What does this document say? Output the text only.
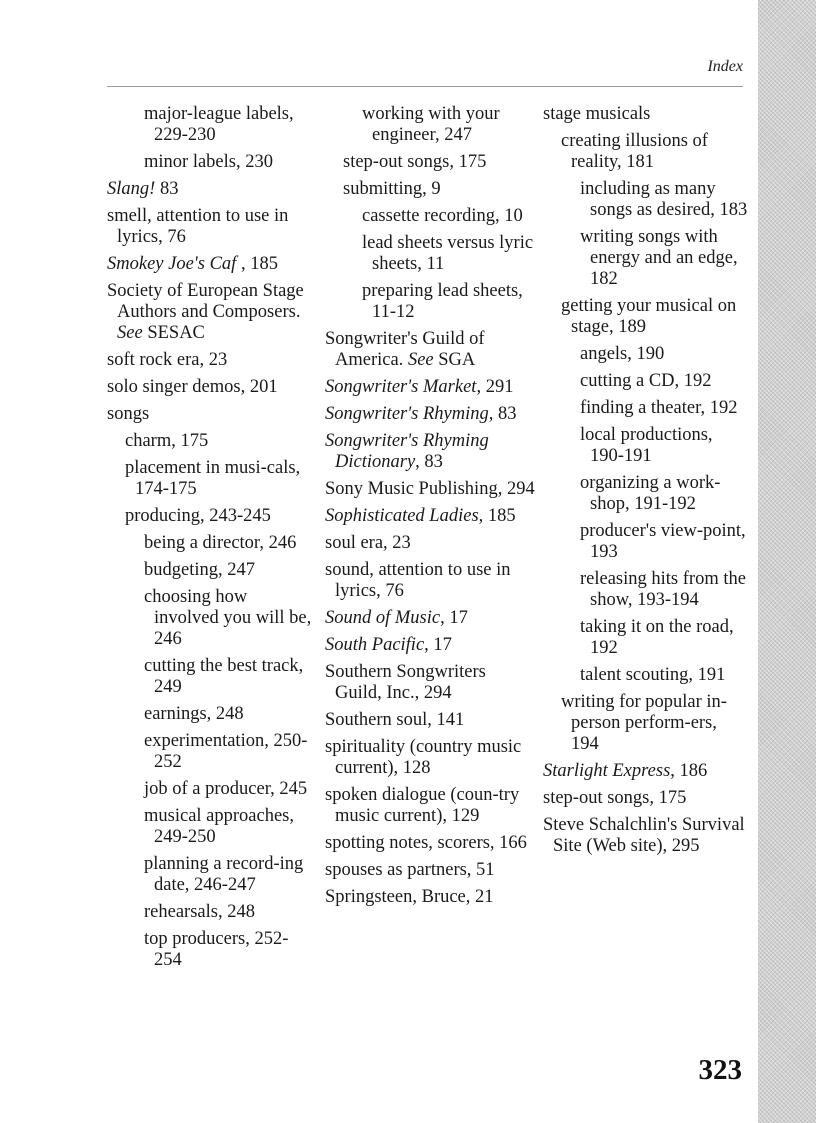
Index
major-league labels, 229-230
minor labels, 230
Slang! 83
smell, attention to use in lyrics, 76
Smokey Joe's Caf , 185
Society of European Stage Authors and Composers. See SESAC
soft rock era, 23
solo singer demos, 201
songs
charm, 175
placement in musi-cals, 174-175
producing, 243-245
being a director, 246
budgeting, 247
choosing how involved you will be, 246
cutting the best track, 249
earnings, 248
experimentation, 250-252
job of a producer, 245
musical approaches, 249-250
planning a record-ing date, 246-247
rehearsals, 248
top producers, 252-254
working with your engineer, 247
step-out songs, 175
submitting, 9
cassette recording, 10
lead sheets versus lyric sheets, 11
preparing lead sheets, 11-12
Songwriter's Guild of America. See SGA
Songwriter's Market, 291
Songwriter's Rhyming, 83
Songwriter's Rhyming Dictionary, 83
Sony Music Publishing, 294
Sophisticated Ladies, 185
soul era, 23
sound, attention to use in lyrics, 76
Sound of Music, 17
South Pacific, 17
Southern Songwriters Guild, Inc., 294
Southern soul, 141
spirituality (country music current), 128
spoken dialogue (coun-try music current), 129
spotting notes, scorers, 166
spouses as partners, 51
Springsteen, Bruce, 21
stage musicals
creating illusions of reality, 181
including as many songs as desired, 183
writing songs with energy and an edge, 182
getting your musical on stage, 189
angels, 190
cutting a CD, 192
finding a theater, 192
local productions, 190-191
organizing a work-shop, 191-192
producer's view-point, 193
releasing hits from the show, 193-194
taking it on the road, 192
talent scouting, 191
writing for popular in-person perform-ers, 194
Starlight Express, 186
step-out songs, 175
Steve Schalchlin's Survival Site (Web site), 295
323
